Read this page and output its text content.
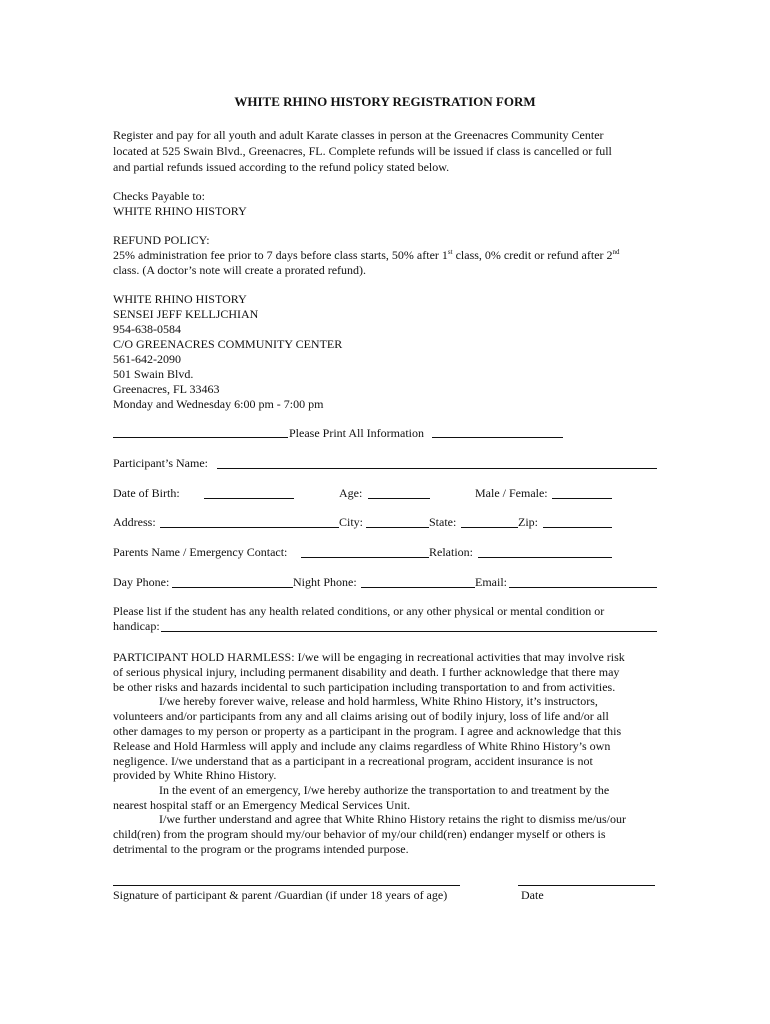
WHITE RHINO HISTORY REGISTRATION FORM
Register and pay for all youth and adult Karate classes in person at the Greenacres Community Center
located at 525 Swain Blvd., Greenacres, FL. Complete refunds will be issued if class is cancelled or full
and partial refunds issued according to the refund policy stated below.
Checks Payable to:
WHITE RHINO HISTORY
REFUND POLICY:
25% administration fee prior to 7 days before class starts, 50% after 1st class, 0% credit or refund after 2nd
class. (A doctor’s note will create a prorated refund).
WHITE RHINO HISTORY
SENSEI JEFF KELLJCHIAN
954-638-0584
C/O GREENACRES COMMUNITY CENTER
561-642-2090
501 Swain Blvd.
Greenacres, FL 33463
Monday and Wednesday 6:00 pm - 7:00 pm
Please Print All Information
Participant’s Name:
Date of Birth:	Age:	Male / Female:
Address:	City:	State:	Zip:
Parents Name / Emergency Contact:	Relation:
Day Phone:	Night Phone:	Email:
Please list if the student has any health related conditions, or any other physical or mental condition or
handicap:
PARTICIPANT HOLD HARMLESS: I/we will be engaging in recreational activities that may involve risk
of serious physical injury, including permanent disability and death. I further acknowledge that there may
be other risks and hazards incidental to such participation including transportation to and from activities.
I/we hereby forever waive, release and hold harmless, White Rhino History, it’s instructors,
volunteers and/or participants from any and all claims arising out of bodily injury, loss of life and/or all
other damages to my person or property as a participant in the program. I agree and acknowledge that this
Release and Hold Harmless will apply and include any claims regardless of White Rhino History’s own
negligence. I/we understand that as a participant in a recreational program, accident insurance is not
provided by White Rhino History.
In the event of an emergency, I/we hereby authorize the transportation to and treatment by the
nearest hospital staff or an Emergency Medical Services Unit.
I/we further understand and agree that White Rhino History retains the right to dismiss me/us/our
child(ren) from the program should my/our behavior of my/our child(ren) endanger myself or others is
detrimental to the program or the programs intended purpose.
Signature of participant & parent /Guardian (if under 18 years of age)	Date
